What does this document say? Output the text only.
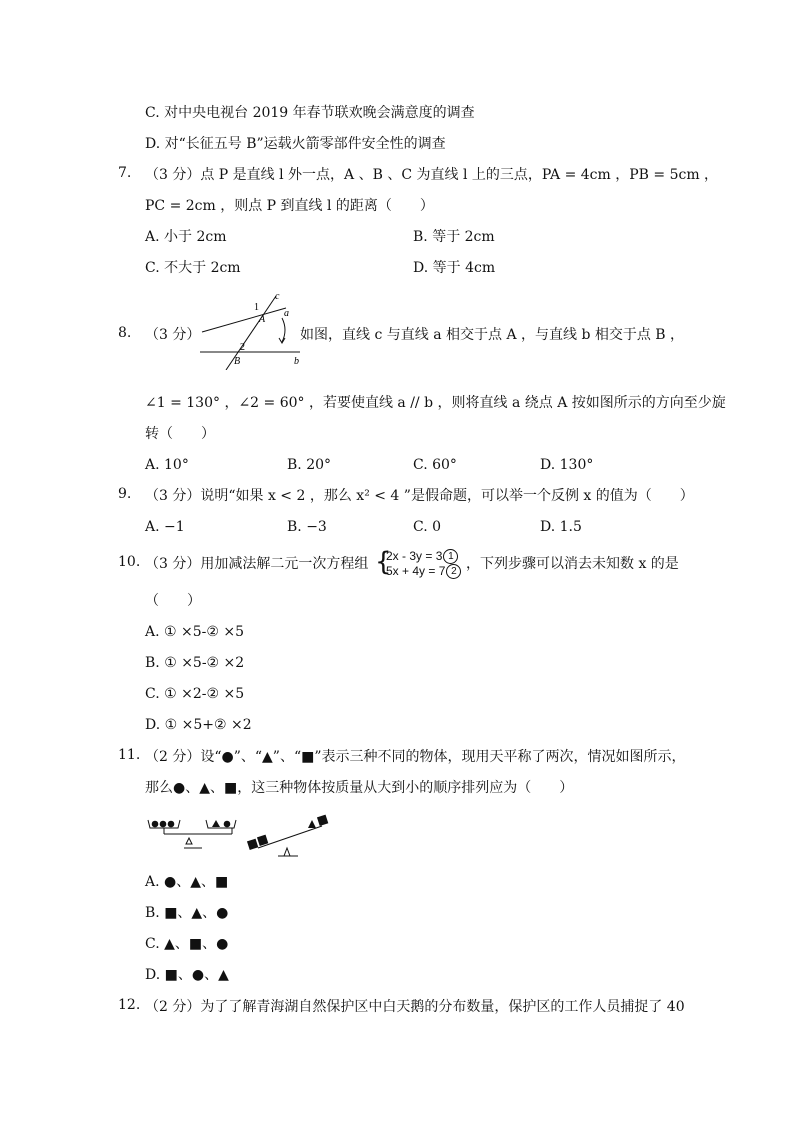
C. 对中央电视台 2019 年春节联欢晚会满意度的调查
D. 对“长征五号 B”运载火箭零部件安全性的调查
7. （3 分）点 P 是直线 l 外一点，A 、B 、C 为直线 l 上的三点，PA = 4cm ，PB = 5cm ，
PC = 2cm ，则点 P 到直线 l 的距离（　　）
A. 小于 2cm	B. 等于 2cm
C. 不大于 2cm	D. 等于 4cm
8. （3 分）
1
A
c
a
2
B	b
如图，直线 c 与直线 a 相交于点 A ，与直线 b 相交于点 B ，
∠1 = 130° ，∠2 = 60° ，若要使直线 a // b ，则将直线 a 绕点 A 按如图所示的方向至少旋
转（　　）
A. 10°	B. 20°	C. 60°	D. 130°
9. （3 分）说明“如果 x < 2 ，那么 x² < 4 ”是假命题，可以举一个反例 x 的值为（　　）
A. −1	B. −3	C. 0	D. 1.5
10. （3 分）用加减法解二元一次方程组 {
2x - 3y = 3 1
5x + 4y = 7 2 ，下列步骤可以消去未知数 x 的是
（　　）
A. ① ×5-② ×5
B. ① ×5-② ×2
C. ① ×2-② ×5
D. ① ×5+② ×2
11. （2 分）设“●”、“▲”、“■”表示三种不同的物体，现用天平称了两次，情况如图所示，
那么●、▲、■，这三种物体按质量从大到小的顺序排列应为（　　）
A. ●、▲、■
B. ■、▲、●
C. ▲、■、●
D. ■、●、▲
12. （2 分）为了了解青海湖自然保护区中白天鹅的分布数量，保护区的工作人员捕捉了 40
